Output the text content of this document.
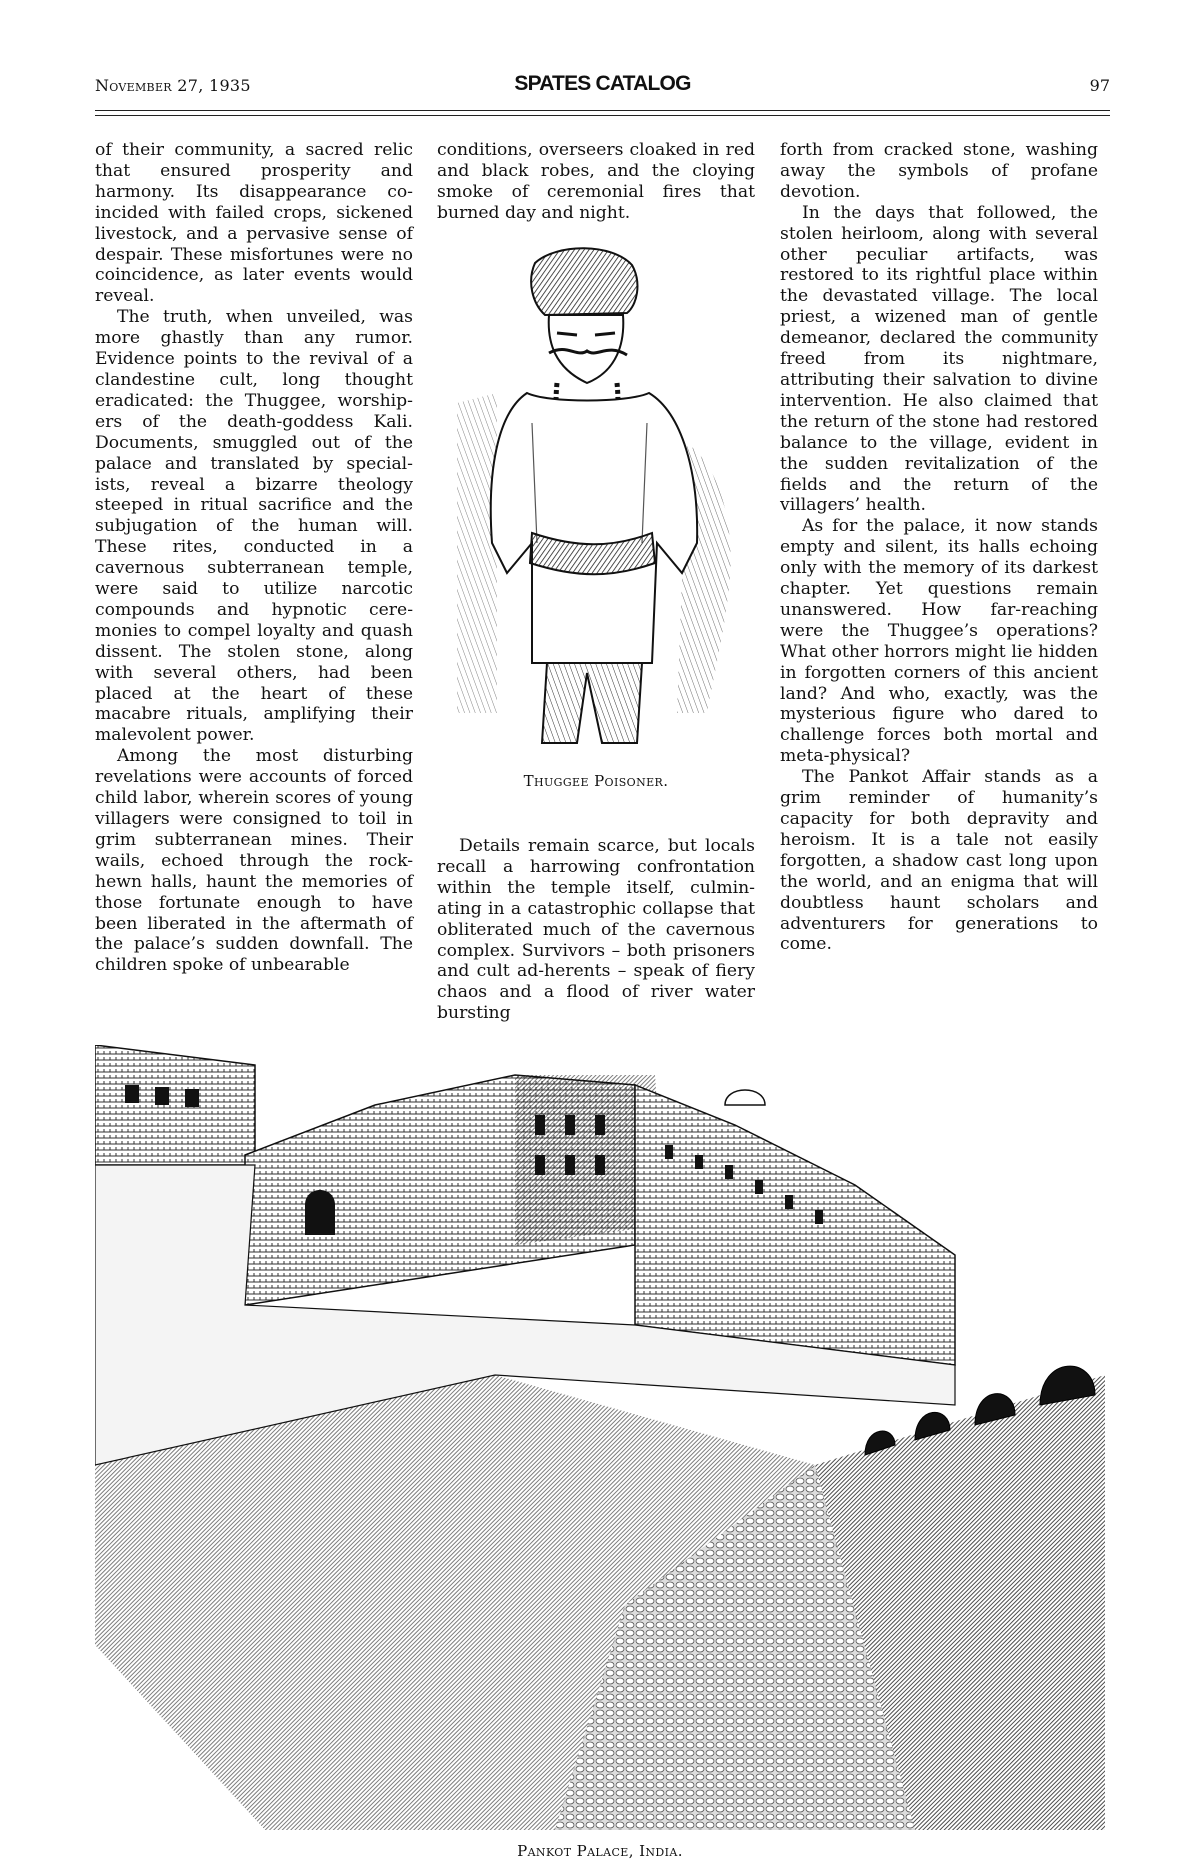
November 27, 1935	SPATES CATALOG	97

of their community, a sacred relic that ensured prosperity and harmony. Its disappearance co-incided with failed crops, sickened livestock, and a pervasive sense of despair. These misfortunes were no coincidence, as later events would reveal.

The truth, when unveiled, was more ghastly than any rumor. Evidence points to the revival of a clandestine cult, long thought eradicated: the Thuggee, worship-ers of the death-goddess Kali. Documents, smuggled out of the palace and translated by special-ists, reveal a bizarre theology steeped in ritual sacrifice and the subjugation of the human will. These rites, conducted in a cavernous subterranean temple, were said to utilize narcotic compounds and hypnotic cere-monies to compel loyalty and quash dissent. The stolen stone, along with several others, had been placed at the heart of these macabre rituals, amplifying their malevolent power.

Among the most disturbing revelations were accounts of forced child labor, wherein scores of young villagers were consigned to toil in grim subterranean mines. Their wails, echoed through the rock-hewn halls, haunt the memories of those fortunate enough to have been liberated in the aftermath of the palace’s sudden downfall. The children spoke of unbearable

conditions, overseers cloaked in red and black robes, and the cloying smoke of ceremonial fires that burned day and night.

Thuggee Poisoner.

Details remain scarce, but locals recall a harrowing confrontation within the temple itself, culmin-ating in a catastrophic collapse that obliterated much of the cavernous complex. Survivors – both prisoners and cult ad-herents – speak of fiery chaos and a flood of river water bursting

forth from cracked stone, washing away the symbols of profane devotion.

In the days that followed, the stolen heirloom, along with several other peculiar artifacts, was restored to its rightful place within the devastated village. The local priest, a wizened man of gentle demeanor, declared the community freed from its nightmare, attributing their salvation to divine intervention. He also claimed that the return of the stone had restored balance to the village, evident in the sudden revitalization of the fields and the return of the villagers’ health.

As for the palace, it now stands empty and silent, its halls echoing only with the memory of its darkest chapter. Yet questions remain unanswered. How far-reaching were the Thuggee’s operations? What other horrors might lie hidden in forgotten corners of this ancient land? And who, exactly, was the mysterious figure who dared to challenge forces both mortal and meta-physical?

The Pankot Affair stands as a grim reminder of humanity’s capacity for both depravity and heroism. It is a tale not easily forgotten, a shadow cast long upon the world, and an enigma that will doubtless haunt scholars and adventurers for generations to come.

Pankot Palace, India.
